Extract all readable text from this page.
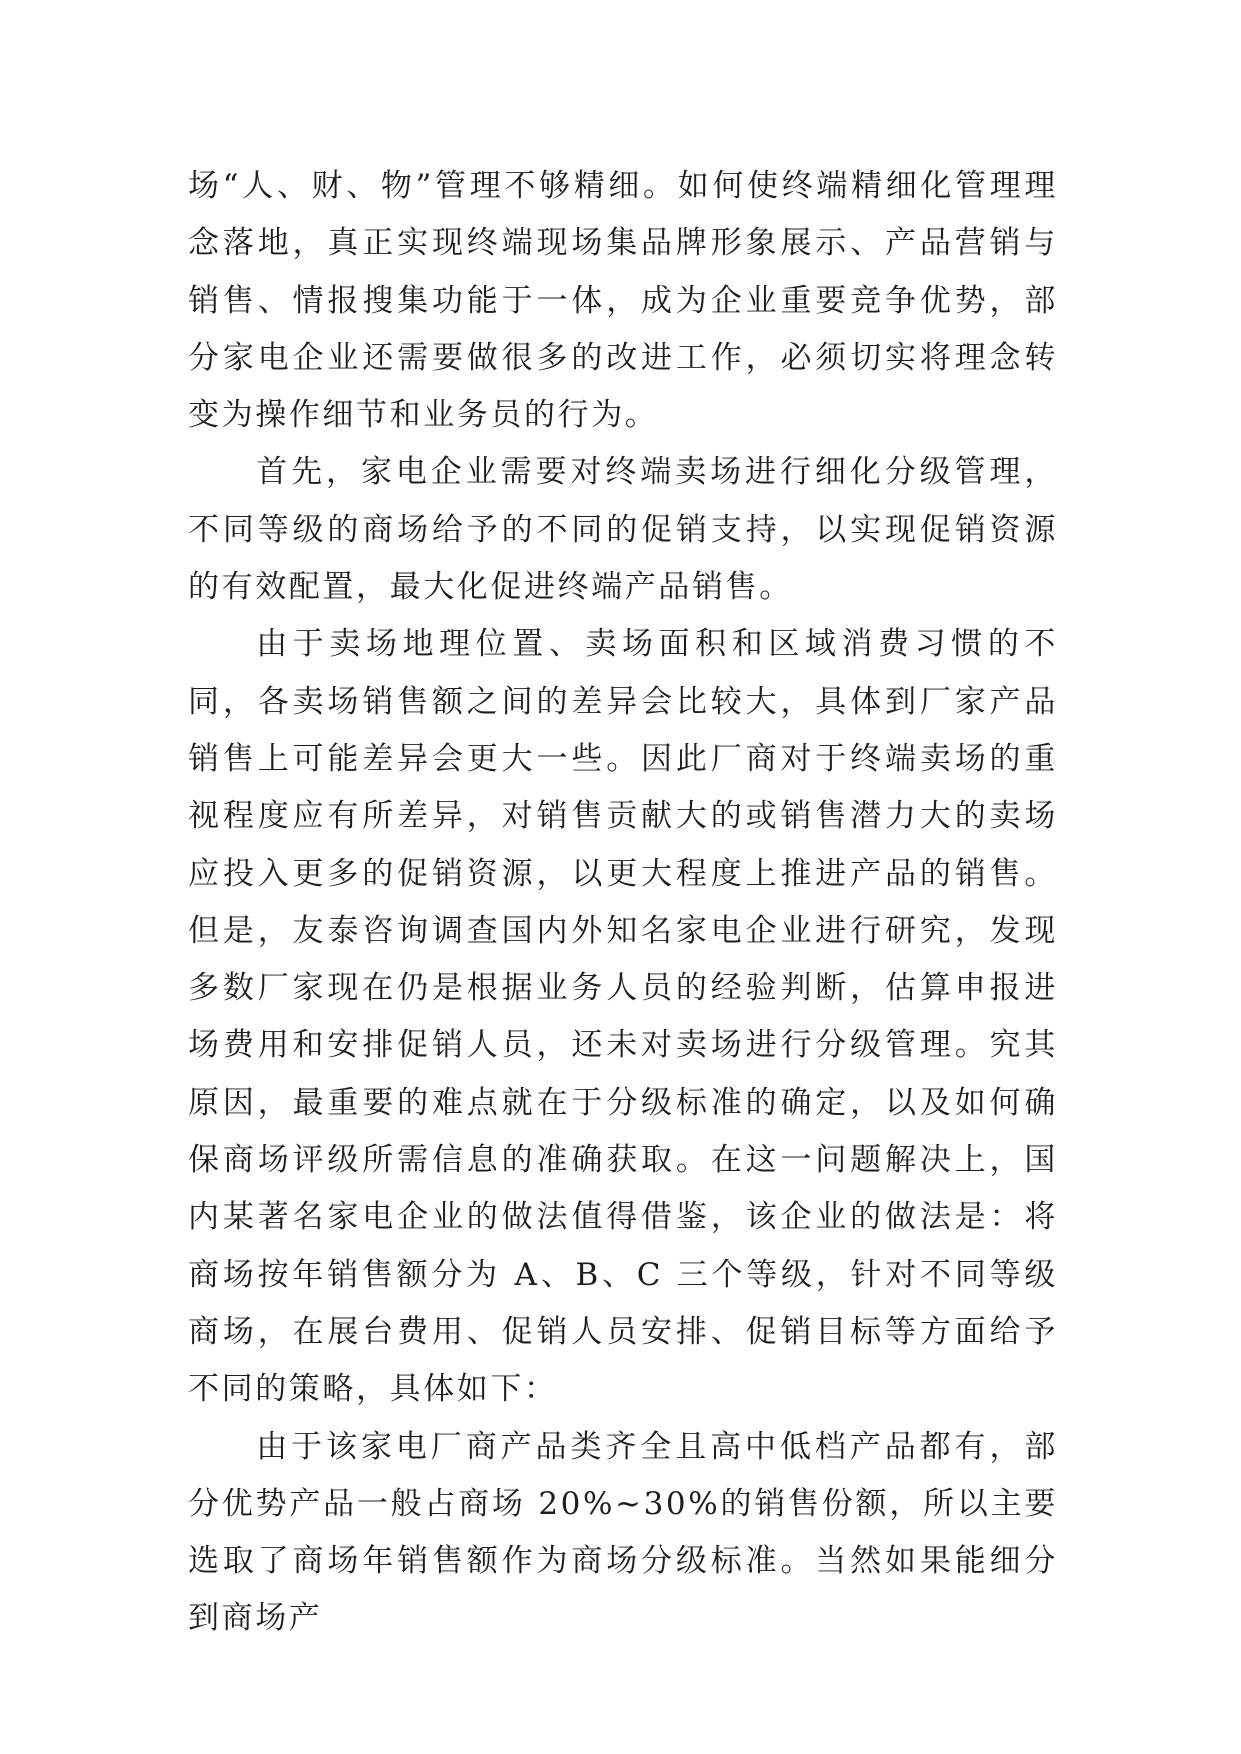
场“人、财、物”管理不够精细。如何使终端精细化管理理念落地，真正实现终端现场集品牌形象展示、产品营销与销售、情报搜集功能于一体，成为企业重要竞争优势，部分家电企业还需要做很多的改进工作，必须切实将理念转变为操作细节和业务员的行为。

首先，家电企业需要对终端卖场进行细化分级管理，不同等级的商场给予的不同的促销支持，以实现促销资源的有效配置，最大化促进终端产品销售。

由于卖场地理位置、卖场面积和区域消费习惯的不同，各卖场销售额之间的差异会比较大，具体到厂家产品销售上可能差异会更大一些。因此厂商对于终端卖场的重视程度应有所差异，对销售贡献大的或销售潜力大的卖场应投入更多的促销资源，以更大程度上推进产品的销售。但是，友泰咨询调查国内外知名家电企业进行研究，发现多数厂家现在仍是根据业务人员的经验判断，估算申报进场费用和安排促销人员，还未对卖场进行分级管理。究其原因，最重要的难点就在于分级标准的确定，以及如何确保商场评级所需信息的准确获取。在这一问题解决上，国内某著名家电企业的做法值得借鉴，该企业的做法是：将商场按年销售额分为 A、B、C 三个等级，针对不同等级商场，在展台费用、促销人员安排、促销目标等方面给予不同的策略，具体如下：

由于该家电厂商产品类齐全且高中低档产品都有，部分优势产品一般占商场 20%~30%的销售份额，所以主要选取了商场年销售额作为商场分级标准。当然如果能细分到商场产
